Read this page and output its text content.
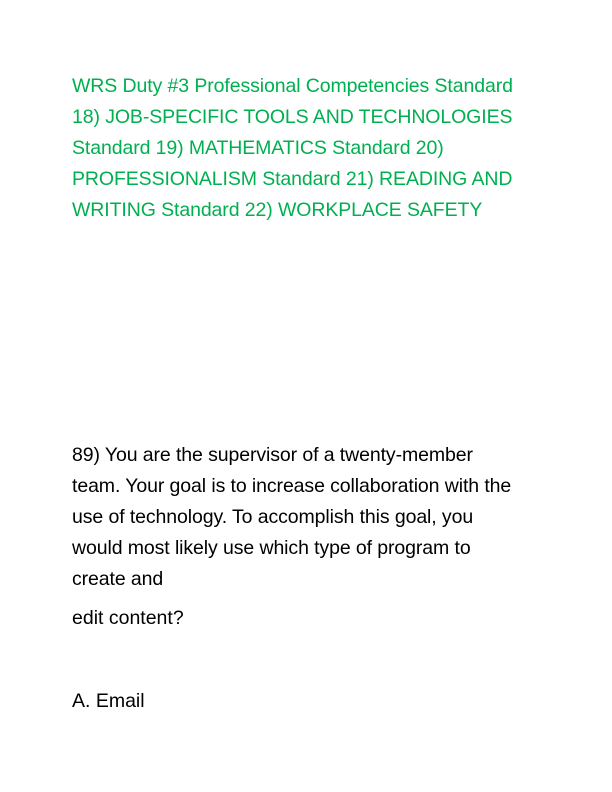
WRS Duty #3 Professional Competencies Standard
18) JOB-SPECIFIC TOOLS AND TECHNOLOGIES
Standard 19) MATHEMATICS Standard 20)
PROFESSIONALISM Standard 21) READING AND
WRITING Standard 22) WORKPLACE SAFETY
89) You are the supervisor of a twenty-member
team. Your goal is to increase collaboration with the
use of technology. To accomplish this goal, you
would most likely use which type of program to
create and
edit content?
A. Email
